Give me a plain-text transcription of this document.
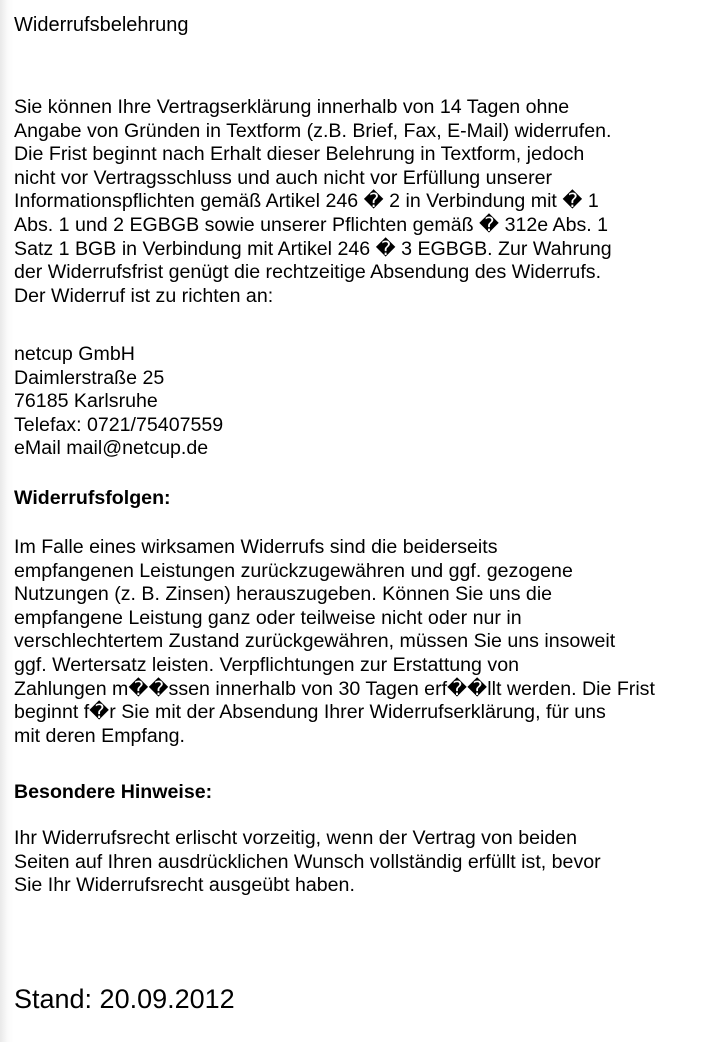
Widerrufsbelehrung
Sie können Ihre Vertragserklärung innerhalb von 14 Tagen ohne
Angabe von Gründen in Textform (z.B. Brief, Fax, E-Mail) widerrufen.
Die Frist beginnt nach Erhalt dieser Belehrung in Textform, jedoch
nicht vor Vertragsschluss und auch nicht vor Erfüllung unserer
Informationspflichten gemäß Artikel 246 � 2 in Verbindung mit � 1
Abs. 1 und 2 EGBGB sowie unserer Pflichten gemäß � 312e Abs. 1
Satz 1 BGB in Verbindung mit Artikel 246 � 3 EGBGB. Zur Wahrung
der Widerrufsfrist genügt die rechtzeitige Absendung des Widerrufs.
Der Widerruf ist zu richten an:
netcup GmbH
Daimlerstraße 25
76185 Karlsruhe
Telefax: 0721/75407559
eMail mail@netcup.de
Widerrufsfolgen:
Im Falle eines wirksamen Widerrufs sind die beiderseits
empfangenen Leistungen zurückzugewähren und ggf. gezogene
Nutzungen (z. B. Zinsen) herauszugeben. Können Sie uns die
empfangene Leistung ganz oder teilweise nicht oder nur in
verschlechtertem Zustand zurückgewähren, müssen Sie uns insoweit
ggf. Wertersatz leisten. Verpflichtungen zur Erstattung von
Zahlungen m��ssen innerhalb von 30 Tagen erf��llt werden. Die Frist
beginnt f�r Sie mit der Absendung Ihrer Widerrufserklärung, für uns
mit deren Empfang.
Besondere Hinweise:
Ihr Widerrufsrecht erlischt vorzeitig, wenn der Vertrag von beiden
Seiten auf Ihren ausdrücklichen Wunsch vollständig erfüllt ist, bevor
Sie Ihr Widerrufsrecht ausgeübt haben.
Stand: 20.09.2012
